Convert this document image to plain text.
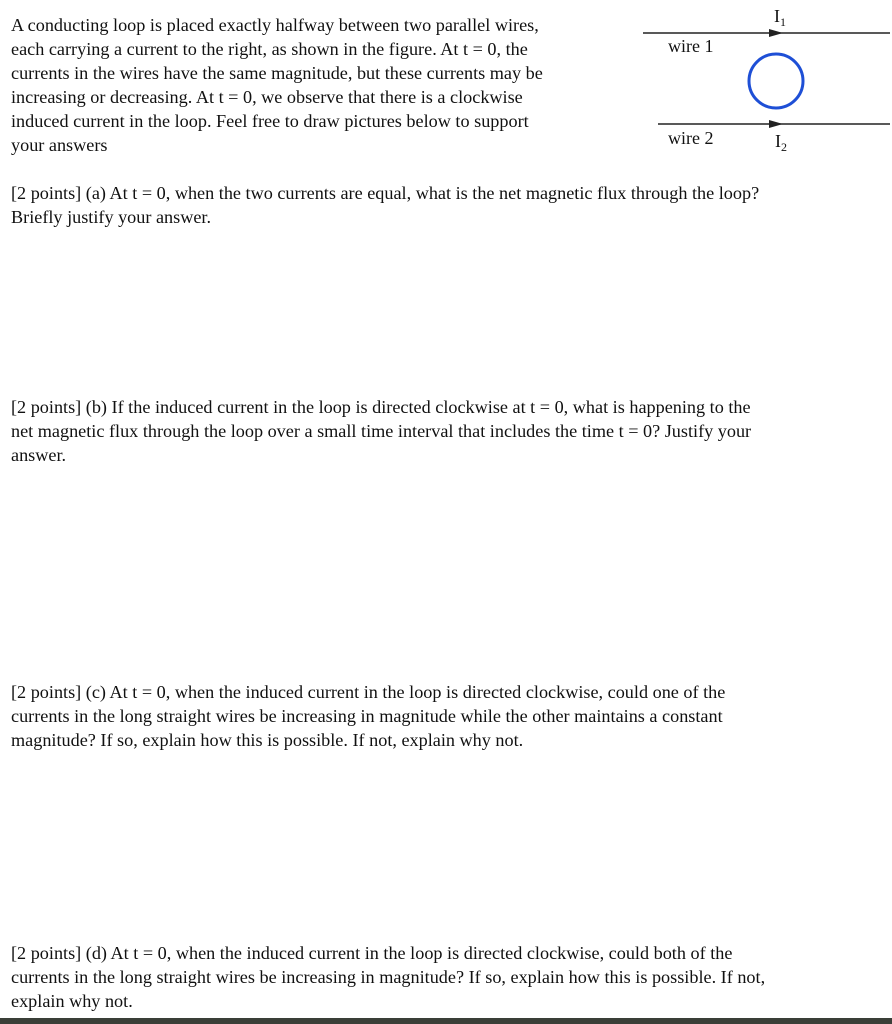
A conducting loop is placed exactly halfway between two parallel wires,
each carrying a current to the right, as shown in the figure. At t = 0, the
currents in the wires have the same magnitude, but these currents may be
increasing or decreasing. At t = 0, we observe that there is a clockwise
induced current in the loop. Feel free to draw pictures below to support
your answers
wire 1
wire 2
$I_1$
$I_2$
[2 points] (a) At t = 0, when the two currents are equal, what is the net magnetic flux through the loop?
Briefly justify your answer.
[2 points] (b) If the induced current in the loop is directed clockwise at t = 0, what is happening to the
net magnetic flux through the loop over a small time interval that includes the time t = 0? Justify your
answer.
[2 points] (c) At t = 0, when the induced current in the loop is directed clockwise, could one of the
currents in the long straight wires be increasing in magnitude while the other maintains a constant
magnitude? If so, explain how this is possible. If not, explain why not.
[2 points] (d) At t = 0, when the induced current in the loop is directed clockwise, could both of the
currents in the long straight wires be increasing in magnitude? If so, explain how this is possible. If not,
explain why not.
